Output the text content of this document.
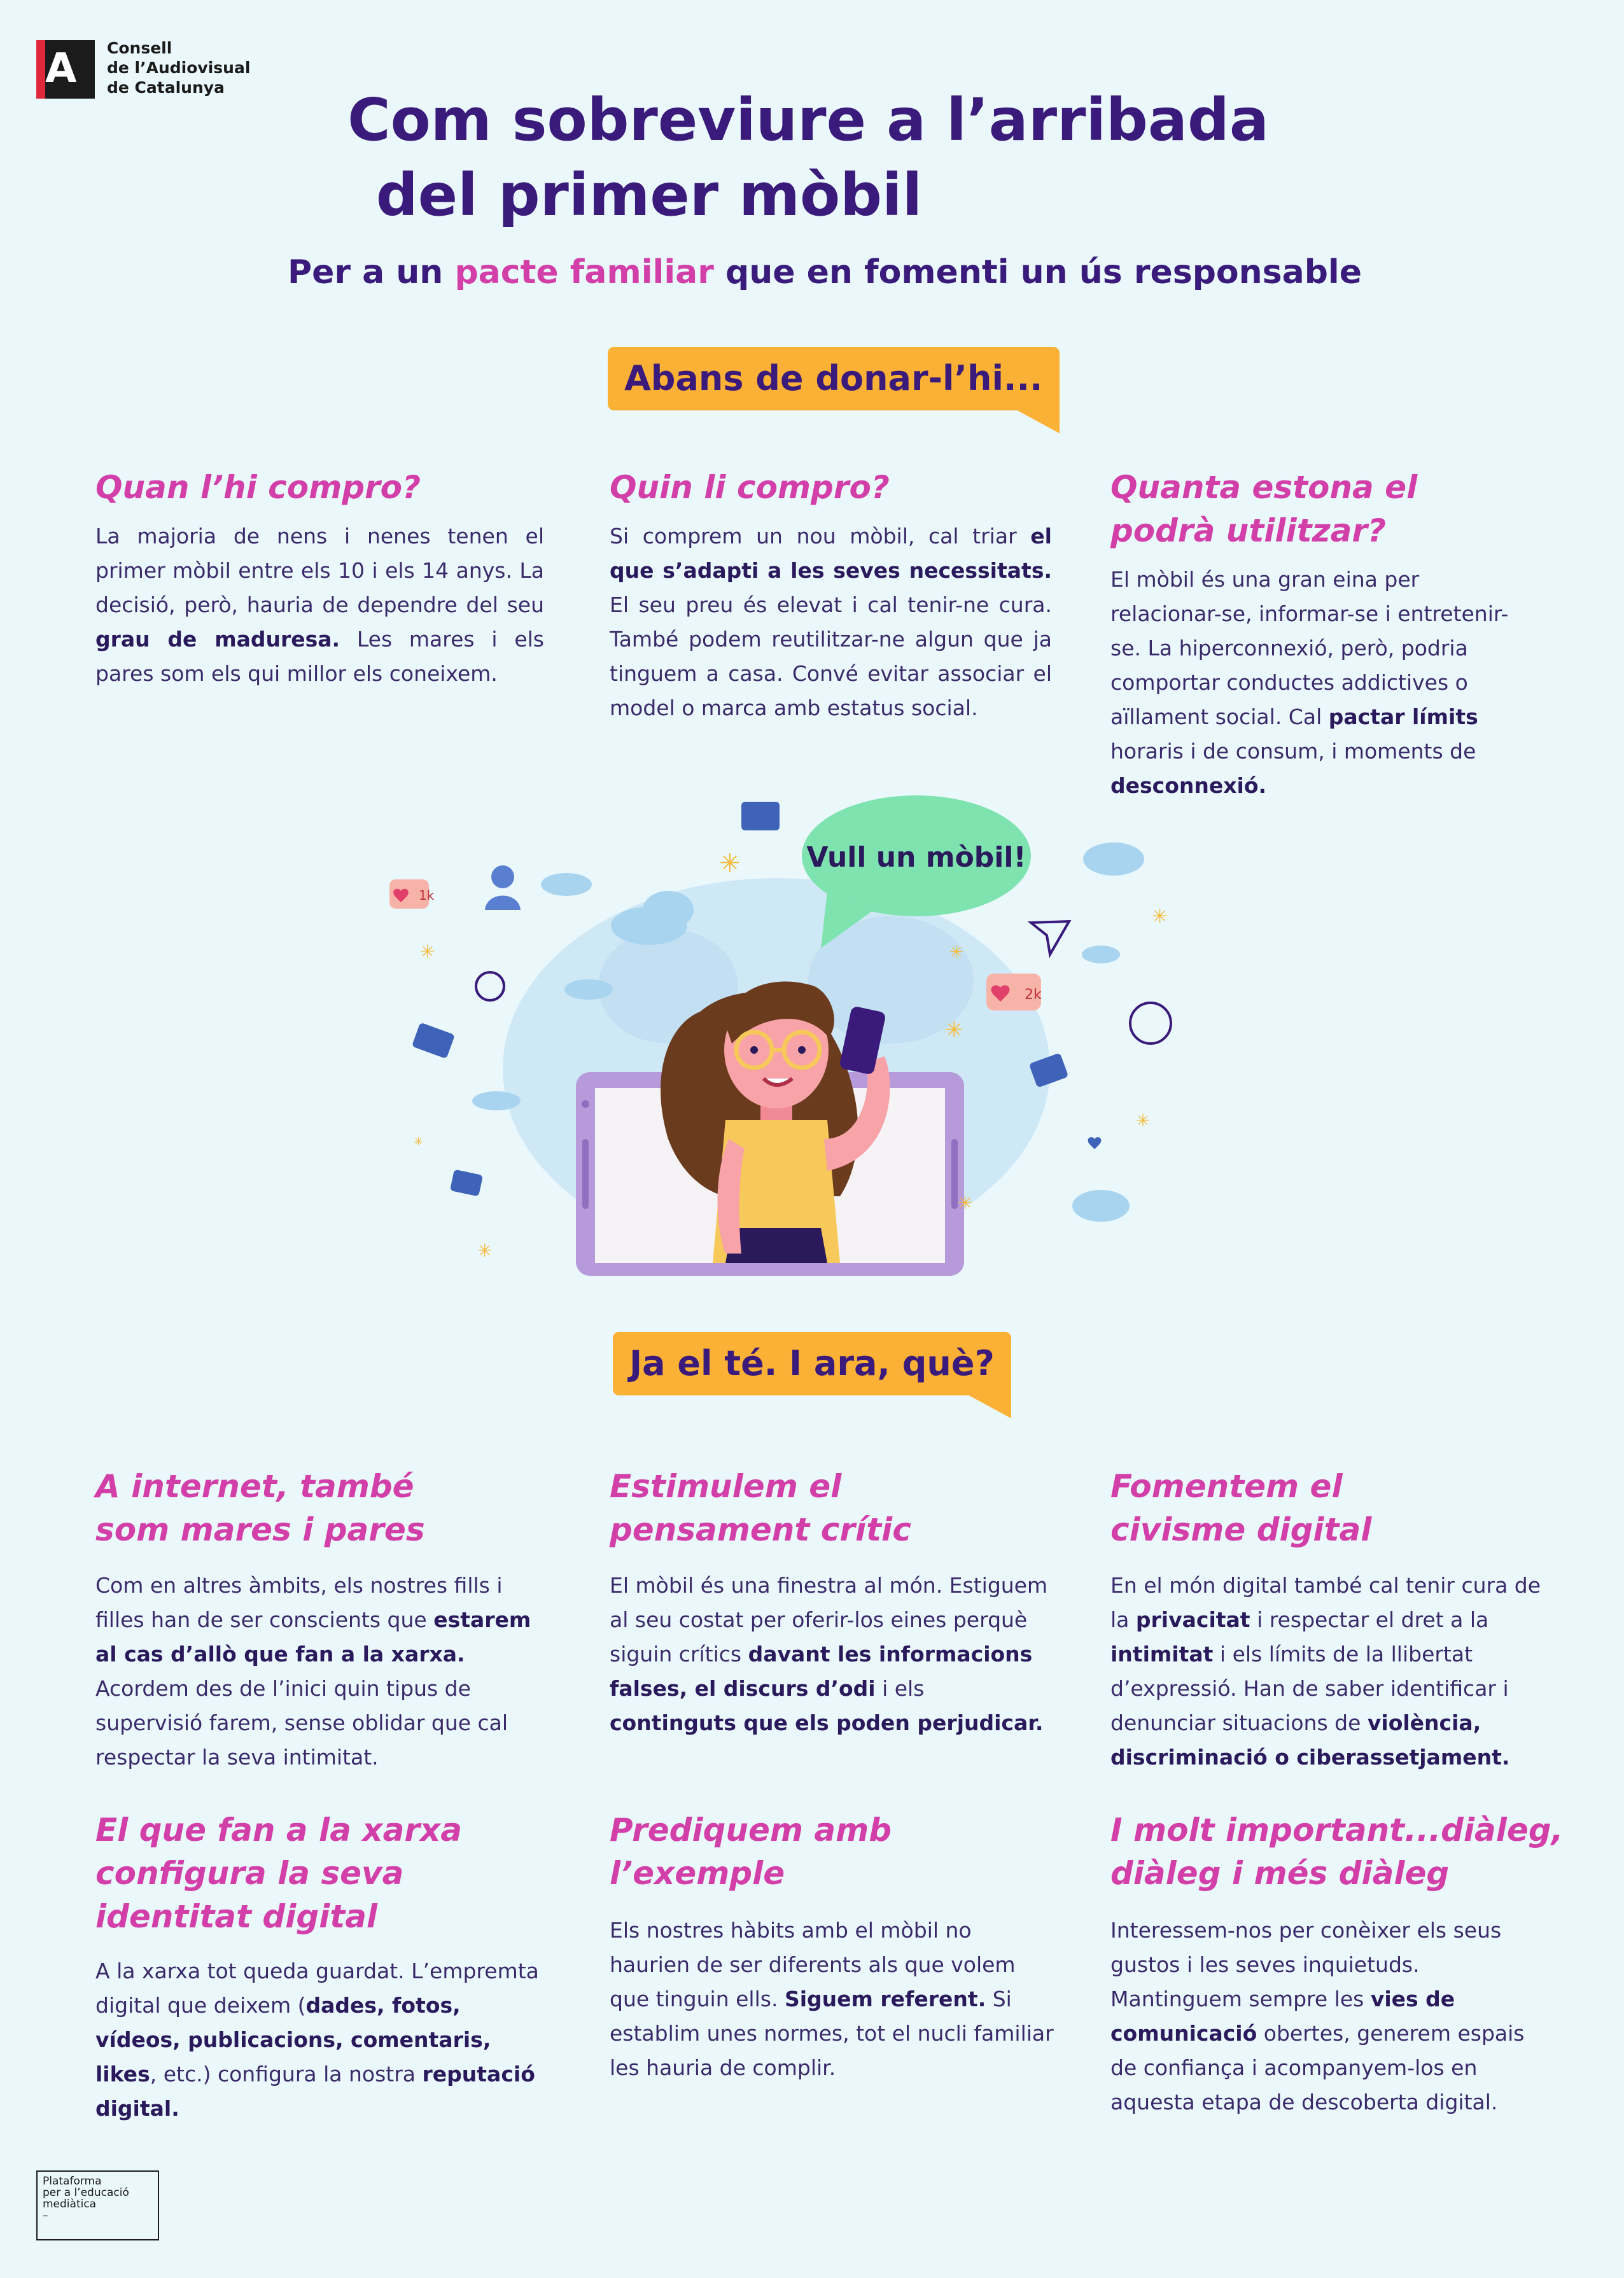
A Consell
de l’Audiovisual
de Catalunya	Com sobreviure a l’arribada
del primer mòbil
Per a un pacte familiar que en fomenti un ús responsable
Abans de donar-l’hi...
Quan l’hi compro?
La majoria de nens i nenes tenen el primer mòbil entre els 10 i els 14 anys. La decisió, però, hauria de dependre del seu grau de maduresa. Les mares i els pares som els qui millor els coneixem.
Quin li compro?
Si comprem un nou mòbil, cal triar el que s’adapti a les seves necessitats. El seu preu és elevat i cal tenir-ne cura. També podem reutilitzar-ne algun que ja tinguem a casa. Convé evitar associar el model o marca amb estatus social.
Quanta estona el
podrà utilitzar?
El mòbil és una gran eina per relacionar-se, informar-se i entretenir-se. La hiperconnexió, però, podria comportar conductes addictives o aïllament social. Cal pactar límits horaris i de consum, i moments de desconnexió.
Vull un mòbil!
1k
2k
✳
✳	✳
✳
✳
✳
✳
✳
✳
Ja el té. I ara, què?
A internet, també
som mares i pares
Com en altres àmbits, els nostres fills i filles han de ser conscients que estarem al cas d’allò que fan a la xarxa. Acordem des de l’inici quin tipus de supervisió farem, sense oblidar que cal respectar la seva intimitat.
Estimulem el
pensament crític
El mòbil és una finestra al món. Estiguem al seu costat per oferir-los eines perquè siguin crítics davant les informacions falses, el discurs d’odi i els continguts que els poden perjudicar.
Fomentem el
civisme digital
En el món digital també cal tenir cura de la privacitat i respectar el dret a la intimitat i els límits de la llibertat d’expressió. Han de saber identificar i denunciar situacions de violència, discriminació o ciberassetjament.
El que fan a la xarxa
configura la seva
identitat digital
A la xarxa tot queda guardat. L’empremta digital que deixem (dades, fotos, vídeos, publicacions, comentaris, likes, etc.) configura la nostra reputació digital.
Prediquem amb
l’exemple
Els nostres hàbits amb el mòbil no haurien de ser diferents als que volem que tinguin ells. Siguem referent. Si establim unes normes, tot el nucli familiar les hauria de complir.
I molt important...diàleg,
diàleg i més diàleg
Interessem-nos per conèixer els seus gustos i les seves inquietuds. Mantinguem sempre les vies de comunicació obertes, generem espais de confiança i acompanyem-los en aquesta etapa de descoberta digital.
Plataforma
per a l’educació
mediàtica
–
